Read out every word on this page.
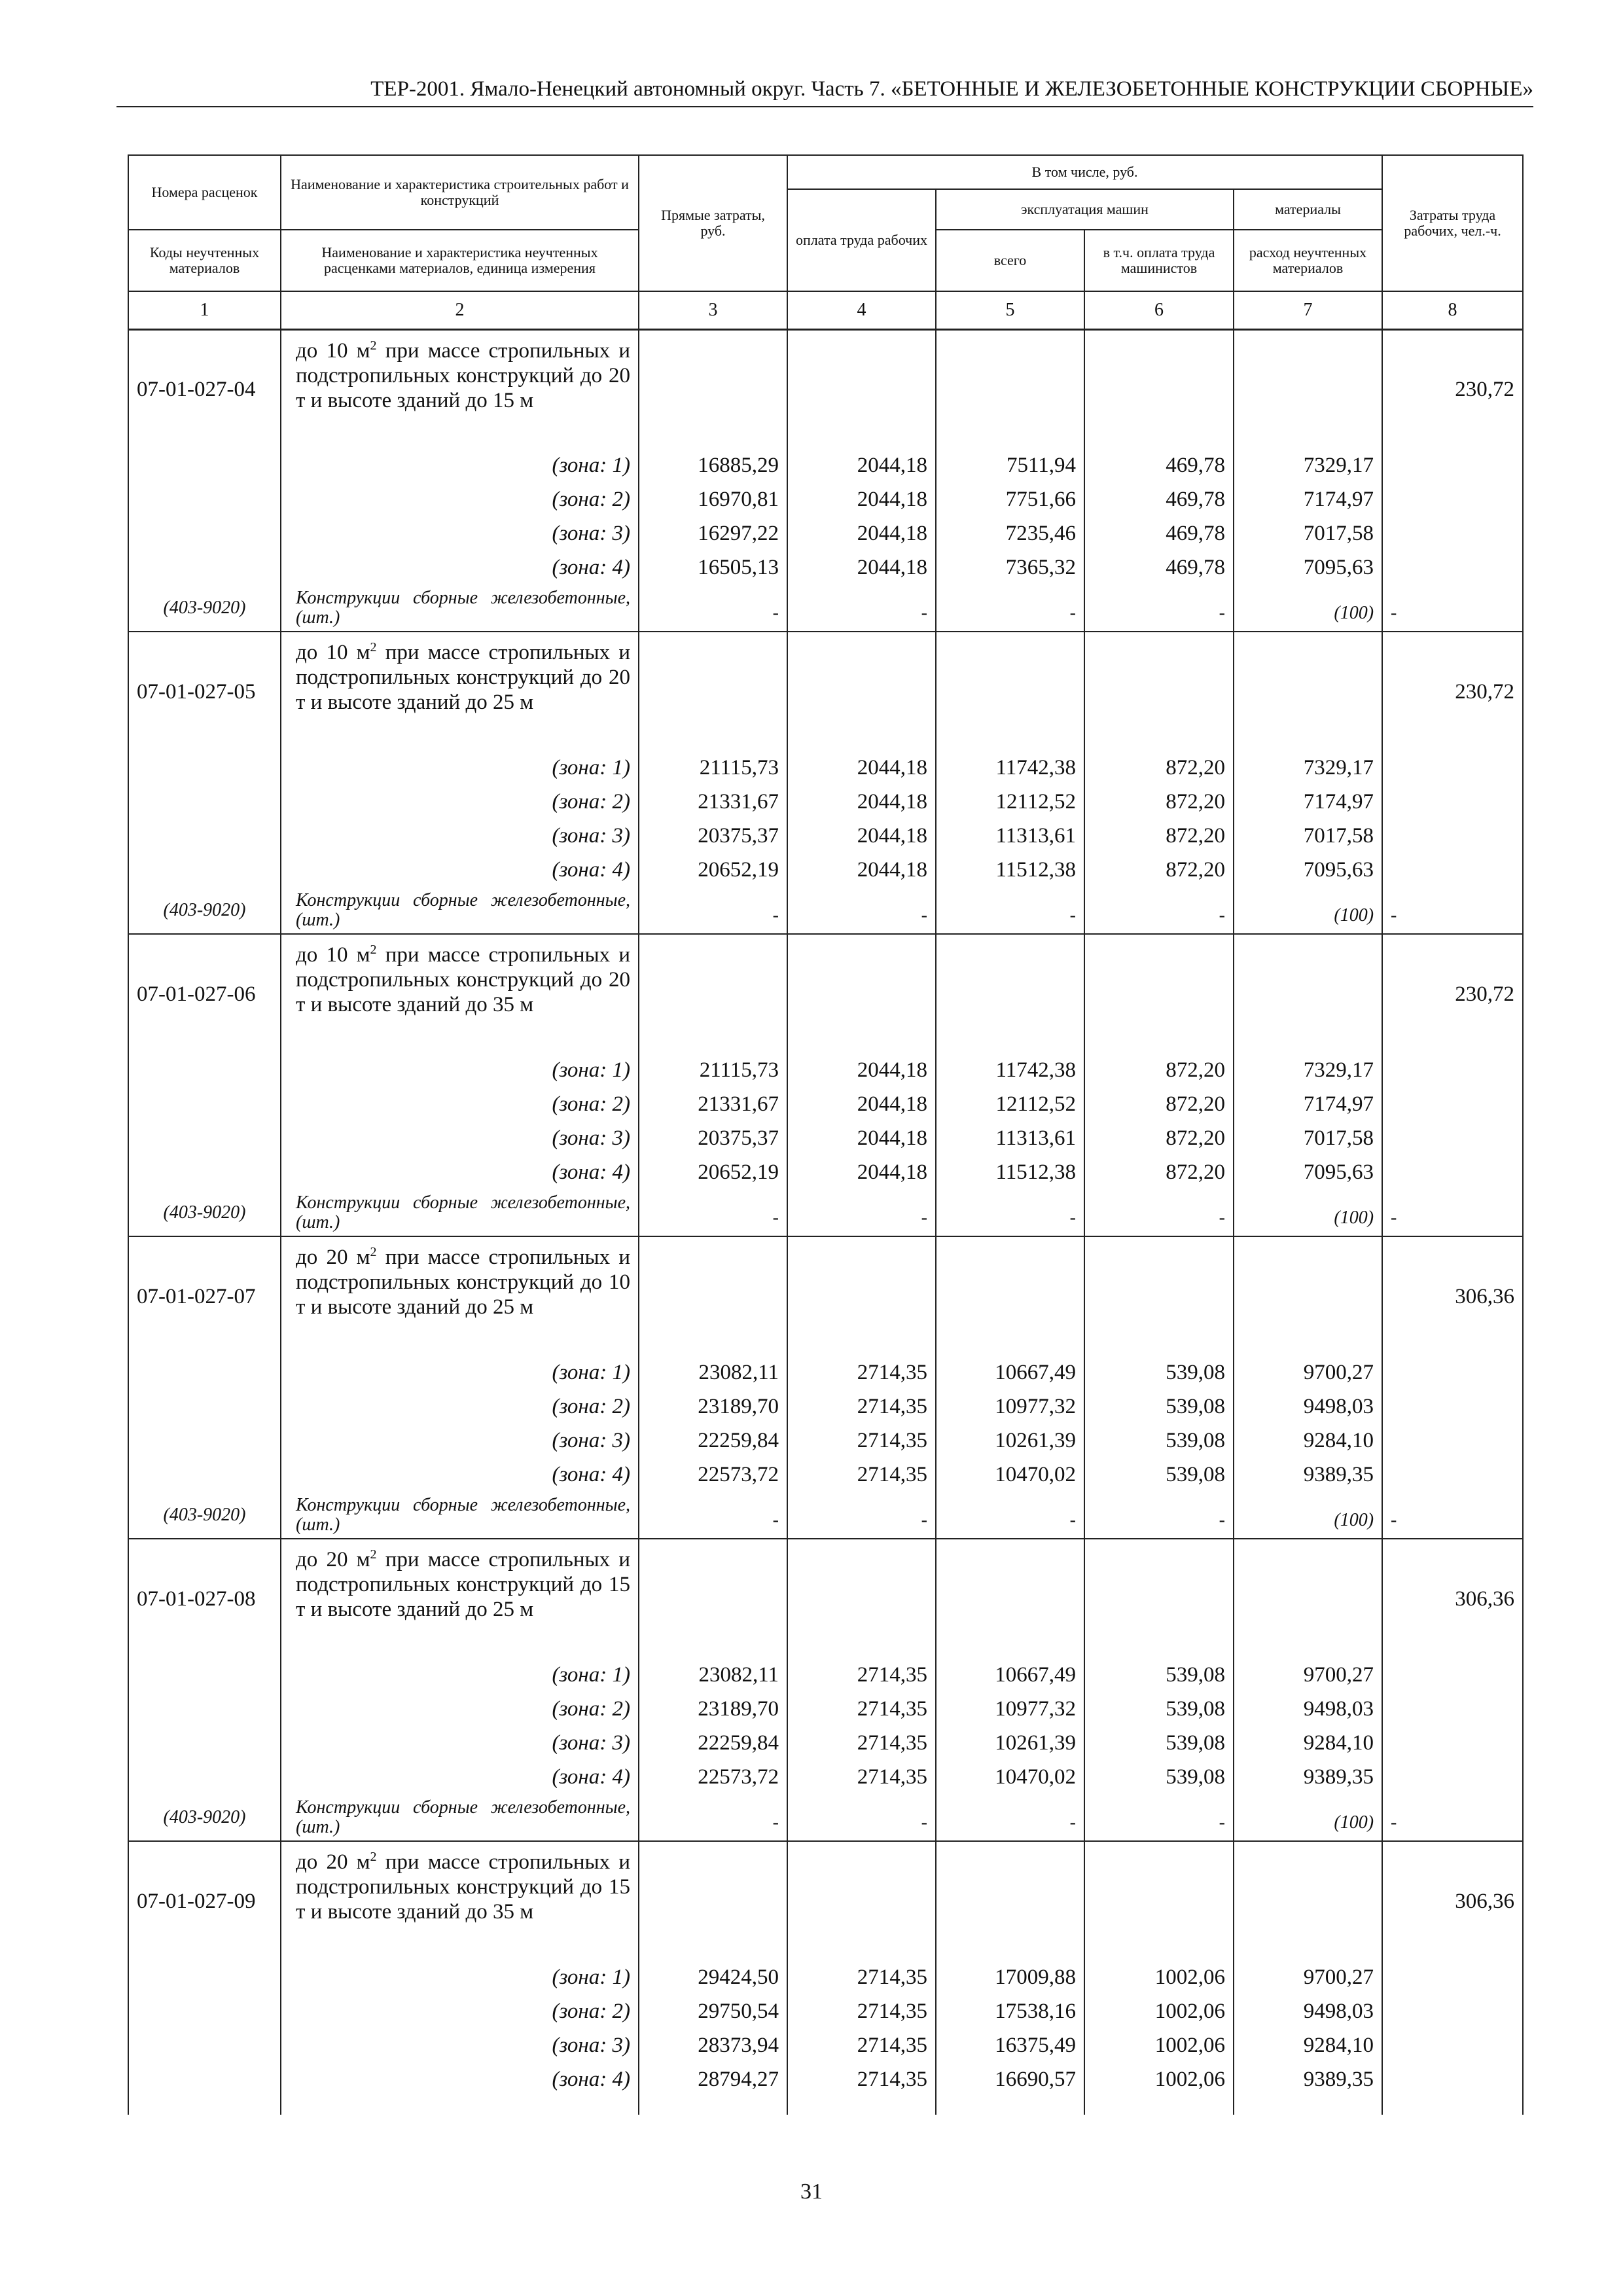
ТЕР-2001. Ямало-Ненецкий автономный округ. Часть 7. «БЕТОННЫЕ И ЖЕЛЕЗОБЕТОННЫЕ КОНСТРУКЦИИ СБОРНЫЕ»
Номера расценок	Наименование и характеристика строительных работ и конструкций	Прямые затраты, руб.	В том числе, руб.				Затраты труда рабочих, чел.-ч.
			оплата труда рабочих	эксплуатация машин		материалы	
Коды неучтенных материалов	Наименование и характеристика неучтенных расценками материалов, единица измерения			всего	в т.ч. оплата труда машинистов	расход неучтенных материалов	
1	2	3	4	5	6	7	8
07-01-027-04	до 10 $м^2$ при массе стропильных и подстропильных конструкций до 20 т и высоте зданий до 15 м						230,72
	(зона: 1)	16885,29	2044,18	7511,94	469,78	7329,17	
	(зона: 2)	16970,81	2044,18	7751,66	469,78	7174,97	
	(зона: 3)	16297,22	2044,18	7235,46	469,78	7017,58	
	(зона: 4)	16505,13	2044,18	7365,32	469,78	7095,63	
(403-9020)	Конструкции сборные железобетонные, (шт.)	-	-	-	-	(100)	-
07-01-027-05	до 10 $м^2$ при массе стропильных и подстропильных конструкций до 20 т и высоте зданий до 25 м						230,72
	(зона: 1)	21115,73	2044,18	11742,38	872,20	7329,17	
	(зона: 2)	21331,67	2044,18	12112,52	872,20	7174,97	
	(зона: 3)	20375,37	2044,18	11313,61	872,20	7017,58	
	(зона: 4)	20652,19	2044,18	11512,38	872,20	7095,63	
(403-9020)	Конструкции сборные железобетонные, (шт.)	-	-	-	-	(100)	-
07-01-027-06	до 10 $м^2$ при массе стропильных и подстропильных конструкций до 20 т и высоте зданий до 35 м						230,72
	(зона: 1)	21115,73	2044,18	11742,38	872,20	7329,17	
	(зона: 2)	21331,67	2044,18	12112,52	872,20	7174,97	
	(зона: 3)	20375,37	2044,18	11313,61	872,20	7017,58	
	(зона: 4)	20652,19	2044,18	11512,38	872,20	7095,63	
(403-9020)	Конструкции сборные железобетонные, (шт.)	-	-	-	-	(100)	-
07-01-027-07	до 20 $м^2$ при массе стропильных и подстропильных конструкций до 10 т и высоте зданий до 25 м						306,36
	(зона: 1)	23082,11	2714,35	10667,49	539,08	9700,27	
	(зона: 2)	23189,70	2714,35	10977,32	539,08	9498,03	
	(зона: 3)	22259,84	2714,35	10261,39	539,08	9284,10	
	(зона: 4)	22573,72	2714,35	10470,02	539,08	9389,35	
(403-9020)	Конструкции сборные железобетонные, (шт.)	-	-	-	-	(100)	-
07-01-027-08	до 20 $м^2$ при массе стропильных и подстропильных конструкций до 15 т и высоте зданий до 25 м						306,36
	(зона: 1)	23082,11	2714,35	10667,49	539,08	9700,27	
	(зона: 2)	23189,70	2714,35	10977,32	539,08	9498,03	
	(зона: 3)	22259,84	2714,35	10261,39	539,08	9284,10	
	(зона: 4)	22573,72	2714,35	10470,02	539,08	9389,35	
(403-9020)	Конструкции сборные железобетонные, (шт.)	-	-	-	-	(100)	-
07-01-027-09	до 20 $м^2$ при массе стропильных и подстропильных конструкций до 15 т и высоте зданий до 35 м						306,36
	(зона: 1)	29424,50	2714,35	17009,88	1002,06	9700,27	
	(зона: 2)	29750,54	2714,35	17538,16	1002,06	9498,03	
	(зона: 3)	28373,94	2714,35	16375,49	1002,06	9284,10	
	(зона: 4)	28794,27	2714,35	16690,57	1002,06	9389,35	

31
